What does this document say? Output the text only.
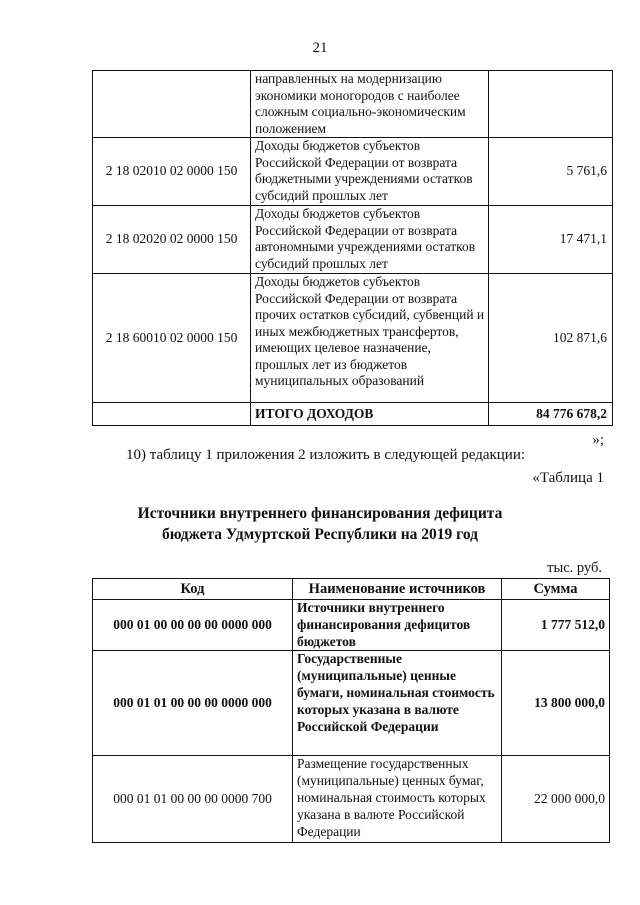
21
	направленных на модернизацию экономики моногородов с наиболее сложным социально-экономическим положением	
2 18 02010 02 0000 150	Доходы бюджетов субъектов Российской Федерации от возврата бюджетными учреждениями остатков субсидий прошлых лет	5 761,6
2 18 02020 02 0000 150	Доходы бюджетов субъектов Российской Федерации от возврата автономными учреждениями остатков субсидий прошлых лет	17 471,1
2 18 60010 02 0000 150	Доходы бюджетов субъектов Российской Федерации от возврата прочих остатков субсидий, субвенций и иных межбюджетных трансфертов, имеющих целевое назначение, прошлых лет из бюджетов муниципальных образований	102 871,6
	ИТОГО ДОХОДОВ	84 776 678,2
»;
10) таблицу 1 приложения 2 изложить в следующей редакции:
«Таблица 1
Источники внутреннего финансирования дефицита
бюджета Удмуртской Республики на 2019 год
тыс. руб.
Код	Наименование источников	Сумма
000 01 00 00 00 00 0000 000	Источники внутреннего финансирования дефицитов бюджетов	1 777 512,0
000 01 01 00 00 00 0000 000	Государственные (муниципальные) ценные бумаги, номинальная стоимость которых указана в валюте Российской Федерации	13 800 000,0
000 01 01 00 00 00 0000 700	Размещение государственных (муниципальные) ценных бумаг, номинальная стоимость которых указана в валюте Российской Федерации	22 000 000,0
